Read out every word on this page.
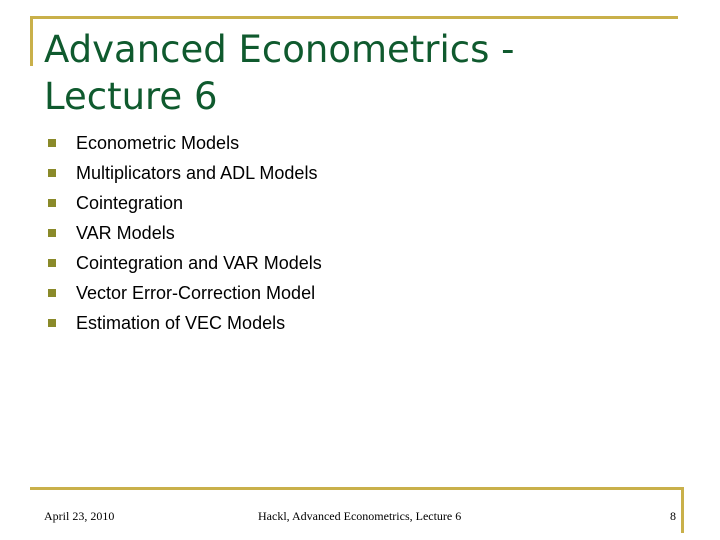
Advanced Econometrics -
Lecture 6
Econometric Models
Multiplicators and ADL Models
Cointegration
VAR Models
Cointegration and VAR Models
Vector Error-Correction Model
Estimation of VEC Models
April 23, 2010	Hackl, Advanced Econometrics, Lecture 6	8
